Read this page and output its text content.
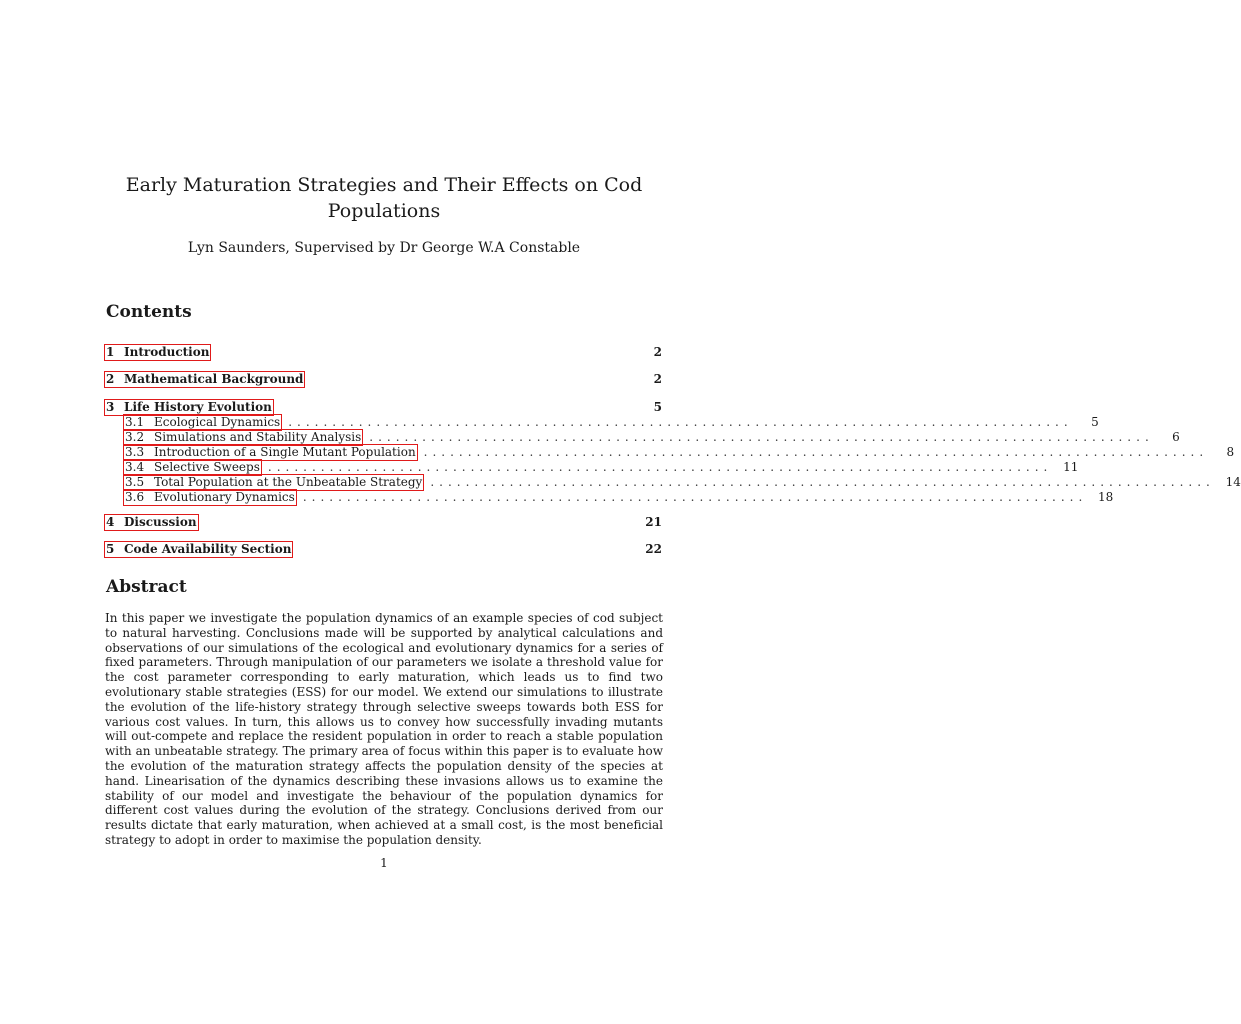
Early Maturation Strategies and Their Effects on Cod Populations
Lyn Saunders, Supervised by Dr George W.A Constable
Contents
1 Introduction	2
2 Mathematical Background	2
3 Life History Evolution	5
3.1 Ecological Dynamics .........................................................................................	5
3.2 Simulations and Stability Analysis .........................................................................................	6
3.3 Introduction of a Single Mutant Population .........................................................................................	8
3.4 Selective Sweeps ......................................................................................... 11
3.5 Total Population at the Unbeatable Strategy ......................................................................................... 14
3.6 Evolutionary Dynamics ......................................................................................... 18
4 Discussion	21
5 Code Availability Section	22
Abstract

In this paper we investigate the population dynamics of an example species of cod subject to natural harvesting. Conclusions made will be supported by analytical calculations and observations of our simulations of the ecological and evolutionary dynamics for a series of fixed parameters. Through manipulation of our parameters we isolate a threshold value for the cost parameter corresponding to early maturation, which leads us to find two evolutionary stable strategies (ESS) for our model. We extend our simulations to illustrate the evolution of the life-history strategy through selective sweeps towards both ESS for various cost values. In turn, this allows us to convey how successfully invading mutants will out-compete and replace the resident population in order to reach a stable population with an unbeatable strategy. The primary area of focus within this paper is to evaluate how the evolution of the maturation strategy affects the population density of the species at hand. Linearisation of the dynamics describing these invasions allows us to examine the stability of our model and investigate the behaviour of the population dynamics for different cost values during the evolution of the strategy. Conclusions derived from our results dictate that early maturation, when achieved at a small cost, is the most beneficial strategy to adopt in order to maximise the population density.

1
